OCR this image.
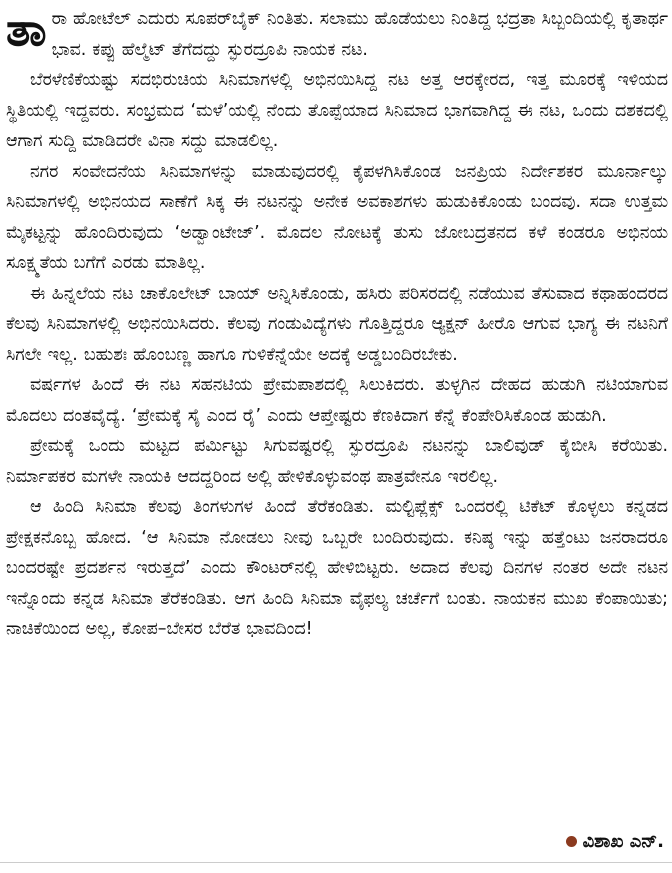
ತಾರಾ ಹೋಟೆಲ್ ಎದುರು ಸೂಪರ್‌ಬೈಕ್ ನಿಂತಿತು. ಸಲಾಮು ಹೊಡೆಯಲು ನಿಂತಿದ್ದ ಭದ್ರತಾ ಸಿಬ್ಬಂದಿಯಲ್ಲಿ ಕೃತಾರ್ಥ ಭಾವ. ಕಪ್ಪು ಹೆಲ್ಮೆಟ್ ತೆಗೆದದ್ದು ಸ್ಫುರದ್ರೂಪಿ ನಾಯಕ ನಟ.

ಬೆರಳೆಣಿಕೆಯಷ್ಟು ಸದಭಿರುಚಿಯ ಸಿನಿಮಾಗಳಲ್ಲಿ ಅಭಿನಯಿಸಿದ್ದ ನಟ ಅತ್ತ ಆರಕ್ಕೇರದ, ಇತ್ತ ಮೂರಕ್ಕೆ ಇಳಿಯದ ಸ್ಥಿತಿಯಲ್ಲಿ ಇದ್ದವರು. ಸಂಭ್ರಮದ ‘ಮಳೆ’ಯಲ್ಲಿ ನೆಂದು ತೊಪ್ಪೆಯಾದ ಸಿನಿಮಾದ ಭಾಗವಾಗಿದ್ದ ಈ ನಟ, ಒಂದು ದಶಕದಲ್ಲಿ ಆಗಾಗ ಸುದ್ದಿ ಮಾಡಿದರೇ ವಿನಾ ಸದ್ದು ಮಾಡಲಿಲ್ಲ.

ನಗರ ಸಂವೇದನೆಯ ಸಿನಿಮಾಗಳನ್ನು ಮಾಡುವುದರಲ್ಲಿ ಕೈಪಳಗಿಸಿಕೊಂಡ ಜನಪ್ರಿಯ ನಿರ್ದೇಶಕರ ಮೂರ್ನಾಲ್ಕು ಸಿನಿಮಾಗಳಲ್ಲಿ ಅಭಿನಯದ ಸಾಣೆಗೆ ಸಿಕ್ಕ ಈ ನಟನನ್ನು ಅನೇಕ ಅವಕಾಶಗಳು ಹುಡುಕಿಕೊಂಡು ಬಂದವು. ಸದಾ ಉತ್ತಮ ಮೈಕಟ್ಟನ್ನು ಹೊಂದಿರುವುದು ‘ಅಡ್ವಾಂಟೇಜ್’. ಮೊದಲ ನೋಟಕ್ಕೆ ತುಸು ಜೋಬದ್ರತನದ ಕಳೆ ಕಂಡರೂ ಅಭಿನಯ ಸೂಕ್ಷ್ಮತೆಯ ಬಗೆಗೆ ಎರಡು ಮಾತಿಲ್ಲ.

ಈ ಹಿನ್ನಲೆಯ ನಟ ಚಾಕೊಲೇಟ್ ಬಾಯ್ ಅನ್ನಿಸಿಕೊಂಡು, ಹಸಿರು ಪರಿಸರದಲ್ಲಿ ನಡೆಯುವ ತೆಸುವಾದ ಕಥಾಹಂದರದ ಕೆಲವು ಸಿನಿಮಾಗಳಲ್ಲಿ ಅಭಿನಯಿಸಿದರು. ಕೆಲವು ಗಂಡುವಿದ್ಯೆಗಳು ಗೊತ್ತಿದ್ದರೂ ಆ್ಯಕ್ಷನ್ ಹೀರೊ ಆಗುವ ಭಾಗ್ಯ ಈ ನಟನಿಗೆ ಸಿಗಲೇ ಇಲ್ಲ. ಬಹುಶಃ ಹೊಂಬಣ್ಣ ಹಾಗೂ ಗುಳಿಕೆನ್ನೆಯೇ ಅದಕ್ಕೆ ಅಡ್ಡಬಂದಿರಬೇಕು.

ವರ್ಷಗಳ ಹಿಂದೆ ಈ ನಟ ಸಹನಟಿಯ ಪ್ರೇಮಪಾಶದಲ್ಲಿ ಸಿಲುಕಿದರು. ತುಳ್ಳಗಿನ ದೇಹದ ಹುಡುಗಿ ನಟಿಯಾಗುವ ಮೊದಲು ದಂತವೈದ್ಯೆ. ‘ಪ್ರೇಮಕ್ಕೆ ಸೈ ಎಂದ ರೈ’ ಎಂದು ಆಪ್ತೇಷ್ಟರು ಕೆಣಕಿದಾಗ ಕೆನ್ನೆ ಕೆಂಪೇರಿಸಿಕೊಂಡ ಹುಡುಗಿ.

ಪ್ರೇಮಕ್ಕೆ ಒಂದು ಮಟ್ಟದ ಪರ್ಮಿಟ್ಟು ಸಿಗುವಷ್ಟರಲ್ಲಿ ಸ್ಫುರದ್ರೂಪಿ ನಟನನ್ನು ಬಾಲಿವುಡ್ ಕೈಬೀಸಿ ಕರೆಯಿತು. ನಿರ್ಮಾಪಕರ ಮಗಳೇ ನಾಯಕಿ ಆದದ್ದರಿಂದ ಅಲ್ಲಿ ಹೇಳಿಕೊಳ್ಳುವಂಥ ಪಾತ್ರವೇನೂ ಇರಲಿಲ್ಲ.

ಆ ಹಿಂದಿ ಸಿನಿಮಾ ಕೆಲವು ತಿಂಗಳುಗಳ ಹಿಂದೆ ತೆರೆಕಂಡಿತು. ಮಲ್ಟಿಪ್ಲೆಕ್ಸ್ ಒಂದರಲ್ಲಿ ಟಿಕೆಟ್ ಕೊಳ್ಳಲು ಕನ್ನಡದ ಪ್ರೇಕ್ಷಕನೊಬ್ಬ ಹೋದ. ‘ಆ ಸಿನಿಮಾ ನೋಡಲು ನೀವು ಒಬ್ಬರೇ ಬಂದಿರುವುದು. ಕನಿಷ್ಠ ಇನ್ನು ಹತ್ತೆಂಟು ಜನರಾದರೂ ಬಂದರಷ್ಟೇ ಪ್ರದರ್ಶನ ಇರುತ್ತದೆ’ ಎಂದು ಕೌಂಟರ್‌ನಲ್ಲಿ ಹೇಳಿಬಿಟ್ಟರು. ಅದಾದ ಕೆಲವು ದಿನಗಳ ನಂತರ ಅದೇ ನಟನ ಇನ್ನೊಂದು ಕನ್ನಡ ಸಿನಿಮಾ ತೆರೆಕಂಡಿತು. ಆಗ ಹಿಂದಿ ಸಿನಿಮಾ ವೈಫಲ್ಯ ಚರ್ಚೆಗೆ ಬಂತು. ನಾಯಕನ ಮುಖ ಕೆಂಪಾಯಿತು; ನಾಚಿಕೆಯಿಂದ ಅಲ್ಲ, ಕೋಪ–ಬೇಸರ ಬೆರೆತ ಭಾವದಿಂದ!

ವಿಶಾಖ ಎನ್.
